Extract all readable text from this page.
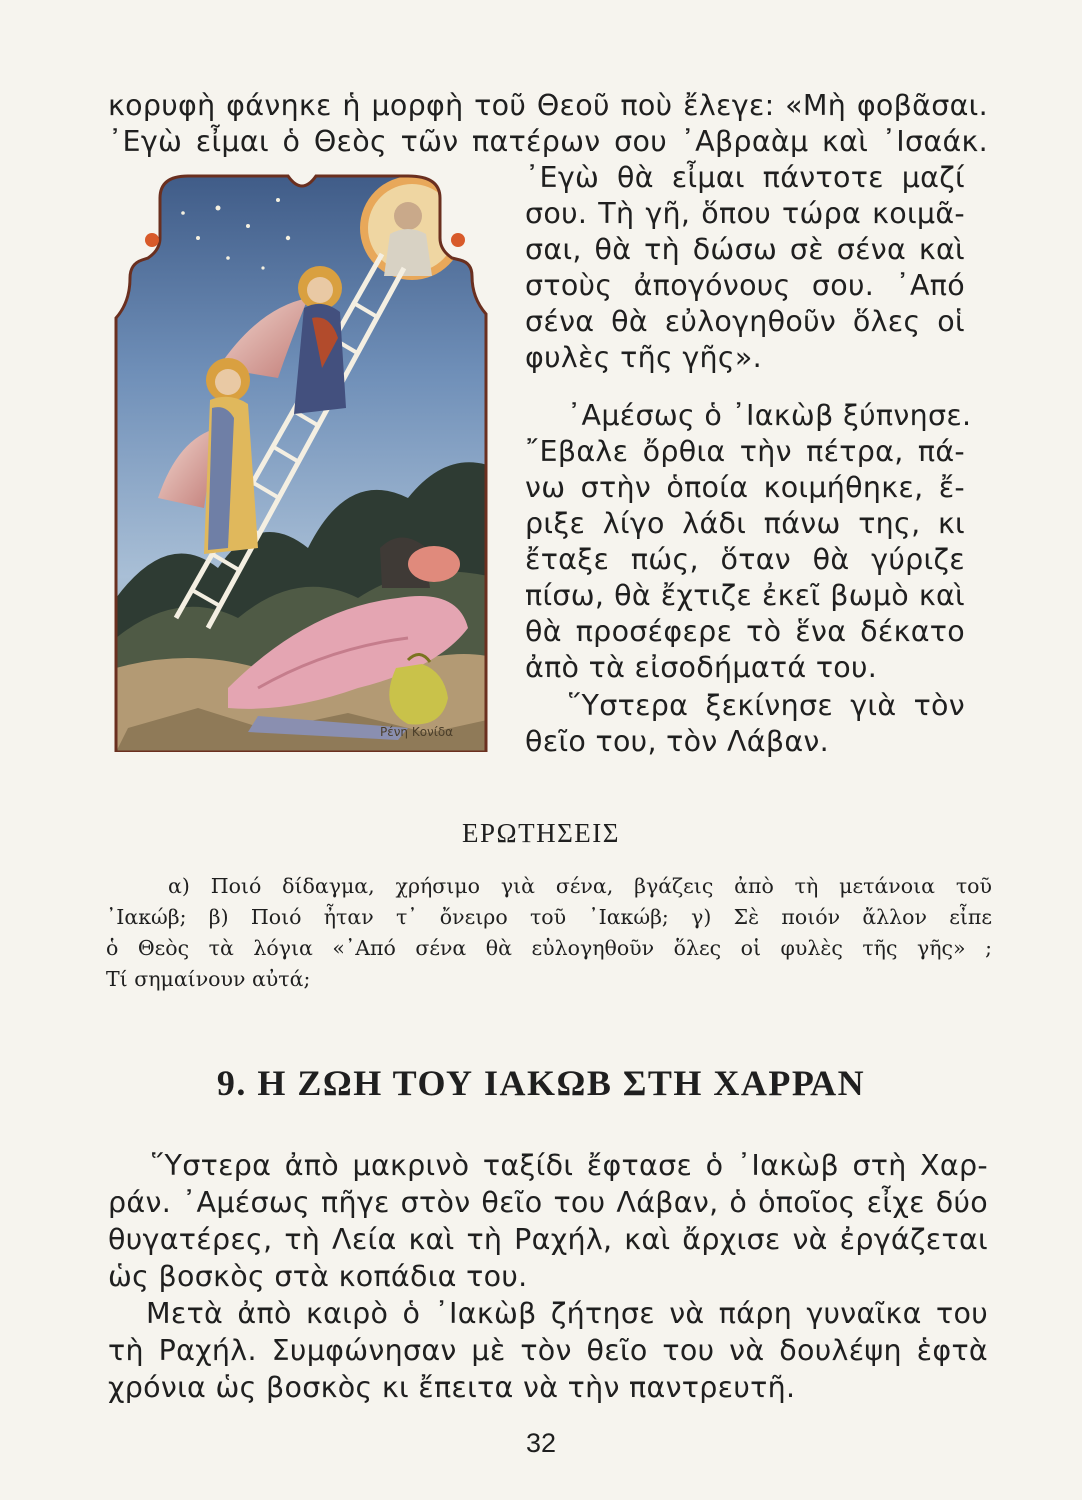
κορυφὴ φάνηκε ἡ μορφὴ τοῦ Θεοῦ ποὺ ἔλεγε: «Μὴ φοβᾶσαι.
᾿Εγὼ εἶμαι ὁ Θεὸς τῶν πατέρων σου ᾿Αβραὰμ καὶ ᾿Ισαάκ.
Ρένη Κονίδα
᾿Εγὼ θὰ εἶμαι πάντοτε μαζί
σου. Τὴ γῆ, ὅπου τώρα κοιμᾶ-
σαι, θὰ τὴ δώσω σὲ σένα καὶ
στοὺς ἀπογόνους σου. ᾿Από
σένα θὰ εὐλογηθοῦν ὅλες οἱ
φυλὲς τῆς γῆς».
᾿Αμέσως ὁ ᾿Ιακὼβ ξύπνησε.
῎Εβαλε ὄρθια τὴν πέτρα, πά-
νω στὴν ὁποία κοιμήθηκε, ἔ-
ριξε λίγο λάδι πάνω της, κι
ἔταξε πώς, ὅταν θὰ γύριζε
πίσω, θὰ ἔχτιζε ἐκεῖ βωμὸ καὶ
θὰ προσέφερε τὸ ἕνα δέκατο
ἀπὸ τὰ εἰσοδήματά του.
῞Υστερα ξεκίνησε γιὰ τὸν
θεῖο του, τὸν Λάβαν.
ΕΡΩΤΗΣΕΙΣ
α) Ποιό δίδαγμα, χρήσιμο γιὰ σένα, βγάζεις ἀπὸ τὴ μετάνοια τοῦ
᾿Ιακώβ; β) Ποιό ἦταν τ᾿ ὄνειρο τοῦ ᾿Ιακώβ; γ) Σὲ ποιόν ἄλλον εἶπε
ὁ Θεὸς τὰ λόγια «᾿Από σένα θὰ εὐλογηθοῦν ὅλες οἱ φυλὲς τῆς γῆς» ;
Τί σημαίνουν αὐτά;
9. Η ΖΩΗ ΤΟΥ ΙΑΚΩΒ ΣΤΗ ΧΑΡΡΑΝ
῞Υστερα ἀπὸ μακρινὸ ταξίδι ἔφτασε ὁ ᾿Ιακὼβ στὴ Χαρ-
ράν. ᾿Αμέσως πῆγε στὸν θεῖο του Λάβαν, ὁ ὁποῖος εἶχε δύο
θυγατέρες, τὴ Λεία καὶ τὴ Ραχήλ, καὶ ἄρχισε νὰ ἐργάζεται
ὡς βοσκὸς στὰ κοπάδια του.
Μετὰ ἀπὸ καιρὸ ὁ ᾿Ιακὼβ ζήτησε νὰ πάρη γυναῖκα του
τὴ Ραχήλ. Συμφώνησαν μὲ τὸν θεῖο του νὰ δουλέψη ἑφτὰ
χρόνια ὡς βοσκὸς κι ἔπειτα νὰ τὴν παντρευτῆ.
32
